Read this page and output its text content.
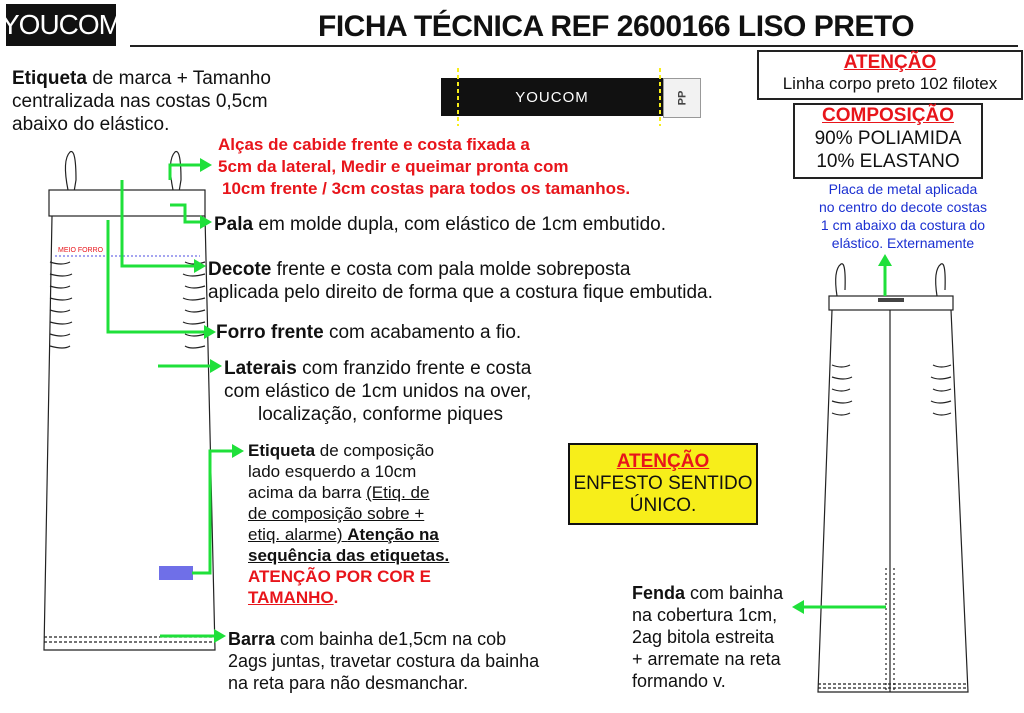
YOUCOM	FICHA TÉCNICA REF 2600166 LISO PRETO
YOUCOM	PP
MEIO FORRO
Etiqueta de marca + Tamanho
centralizada nas costas 0,5cm
abaixo do elástico.
Alças de cabide frente e costa fixada a
5cm da lateral, Medir e queimar pronta com
10cm frente / 3cm costas para todos os tamanhos.
Pala em molde dupla, com elástico de 1cm embutido.
Decote frente e costa com pala molde sobreposta
aplicada pelo direito de forma que a costura fique embutida.
Forro frente com acabamento a fio.
Laterais com franzido frente e costa
com elástico de 1cm unidos na over,
localização, conforme piques
Etiqueta de composição
lado esquerdo a 10cm
acima da barra (Etiq. de
de composição sobre +
etiq. alarme) Atenção na
sequência das etiquetas.
ATENÇÃO POR COR E
TAMANHO.
Barra com bainha de1,5cm na cob
2ags juntas, travetar costura da bainha
na reta para não desmanchar.
Fenda com bainha
na cobertura 1cm,
2ag bitola estreita
+ arremate na reta
formando v.
ATENÇÃO
Linha corpo preto 102 filotex
COMPOSIÇÃO
90% POLIAMIDA
10% ELASTANO
Placa de metal aplicada
no centro do decote costas
1 cm abaixo da costura do
elástico. Externamente
ATENÇÃO
ENFESTO SENTIDO
ÚNICO.
